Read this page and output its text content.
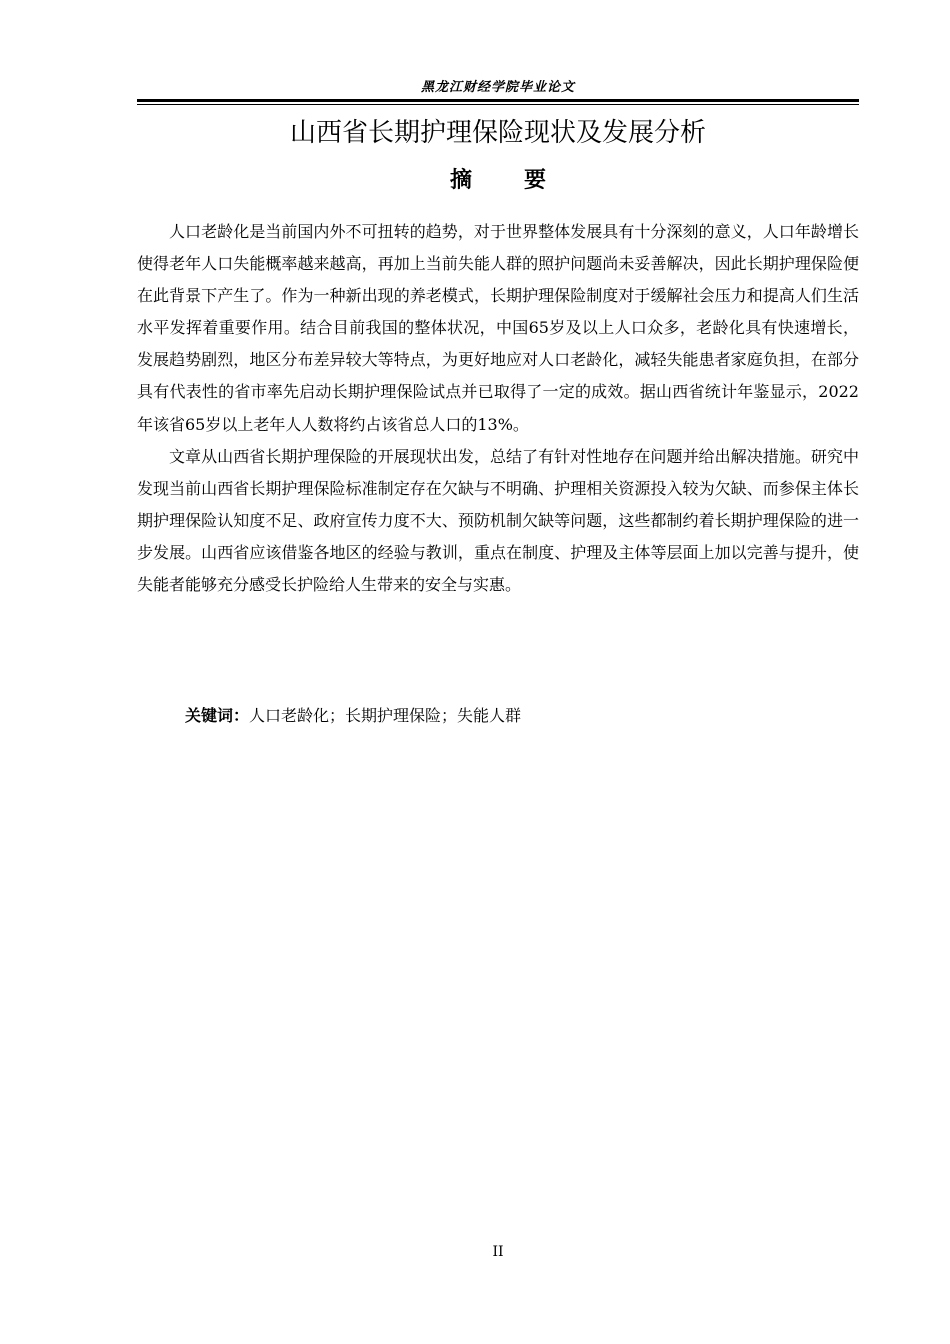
黑龙江财经学院毕业论文
山西省长期护理保险现状及发展分析
摘 要

人口老龄化是当前国内外不可扭转的趋势，对于世界整体发展具有十分深刻的意义，人口年龄增长使得老年人口失能概率越来越高，再加上当前失能人群的照护问题尚未妥善解决，因此长期护理保险便在此背景下产生了。作为一种新出现的养老模式，长期护理保险制度对于缓解社会压力和提高人们生活水平发挥着重要作用。结合目前我国的整体状况，中国65岁及以上人口众多，老龄化具有快速增长，发展趋势剧烈，地区分布差异较大等特点，为更好地应对人口老龄化，减轻失能患者家庭负担，在部分具有代表性的省市率先启动长期护理保险试点并已取得了一定的成效。据山西省统计年鉴显示，2022年该省65岁以上老年人人数将约占该省总人口的13%。

文章从山西省长期护理保险的开展现状出发，总结了有针对性地存在问题并给出解决措施。研究中发现当前山西省长期护理保险标准制定存在欠缺与不明确、护理相关资源投入较为欠缺、而参保主体长期护理保险认知度不足、政府宣传力度不大、预防机制欠缺等问题，这些都制约着长期护理保险的进一步发展。山西省应该借鉴各地区的经验与教训，重点在制度、护理及主体等层面上加以完善与提升，使失能者能够充分感受长护险给人生带来的安全与实惠。

关键词：人口老龄化；长期护理保险；失能人群
II
